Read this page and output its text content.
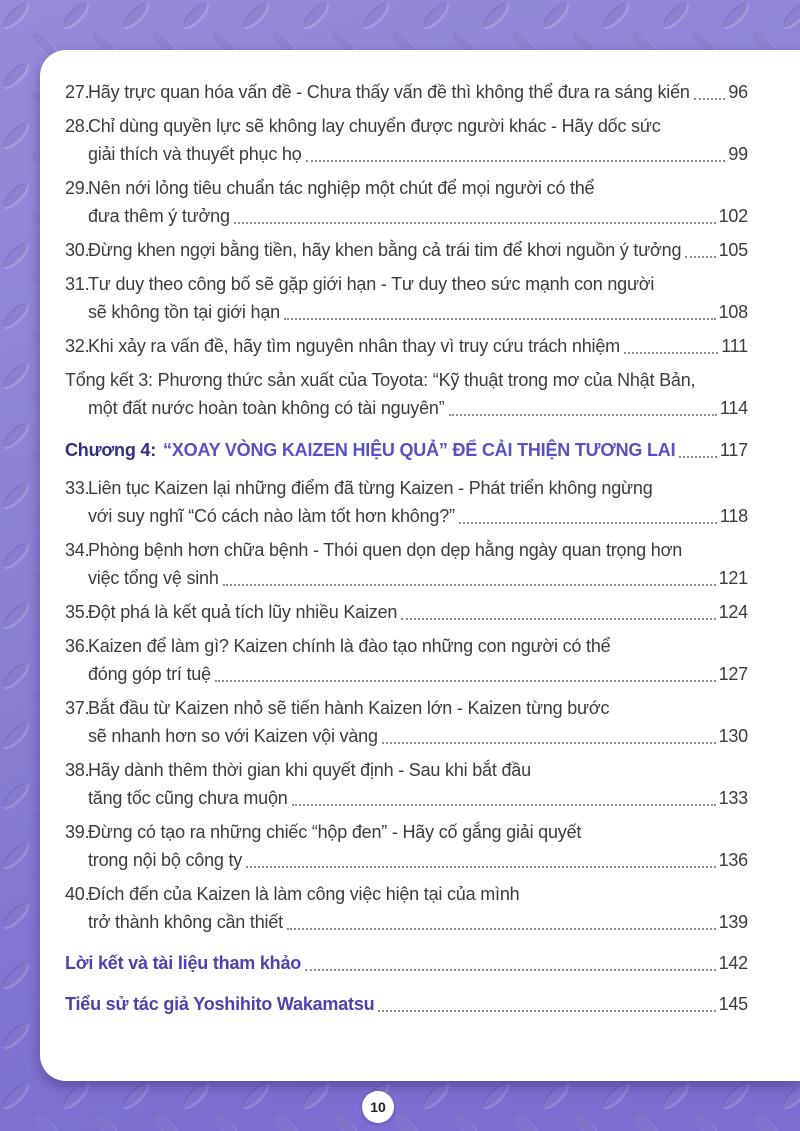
27.
Hãy trực quan hóa vấn đề - Chưa thấy vấn đề thì không thể đưa ra sáng kiến 96
28.
Chỉ dùng quyền lực sẽ không lay chuyển được người khác - Hãy dốc sức
giải thích và thuyết phục họ	99
29.
Nên nới lỏng tiêu chuẩn tác nghiệp một chút để mọi người có thể
đưa thêm ý tưởng	102
30.
Đừng khen ngợi bằng tiền, hãy khen bằng cả trái tim để khơi nguồn ý tưởng 105
31.
Tư duy theo công bố sẽ gặp giới hạn - Tư duy theo sức mạnh con người
sẽ không tồn tại giới hạn	108
32.
Khi xảy ra vấn đề, hãy tìm nguyên nhân thay vì truy cứu trách nhiệm	111
Tổng kết 3: Phương thức sản xuất của Toyota: “Kỹ thuật trong mơ của Nhật Bản,
một đất nước hoàn toàn không có tài nguyên”	114
Chương 4: “XOAY VÒNG KAIZEN HIỆU QUẢ” ĐỂ CẢI THIỆN TƯƠNG LAI 117
33.
Liên tục Kaizen lại những điểm đã từng Kaizen - Phát triển không ngừng
với suy nghĩ “Có cách nào làm tốt hơn không?”	118
34.
Phòng bệnh hơn chữa bệnh - Thói quen dọn dẹp hằng ngày quan trọng hơn
việc tổng vệ sinh	121
35.
Đột phá là kết quả tích lũy nhiều Kaizen	124
36.
Kaizen để làm gì? Kaizen chính là đào tạo những con người có thể
đóng góp trí tuệ	127
37.
Bắt đầu từ Kaizen nhỏ sẽ tiến hành Kaizen lớn - Kaizen từng bước
sẽ nhanh hơn so với Kaizen vội vàng	130
38.
Hãy dành thêm thời gian khi quyết định - Sau khi bắt đầu
tăng tốc cũng chưa muộn	133
39.
Đừng có tạo ra những chiếc “hộp đen” - Hãy cố gắng giải quyết
trong nội bộ công ty	136
40.
Đích đến của Kaizen là làm công việc hiện tại của mình
trở thành không cần thiết	139
Lời kết và tài liệu tham khảo	142
Tiểu sử tác giả Yoshihito Wakamatsu	145
10
